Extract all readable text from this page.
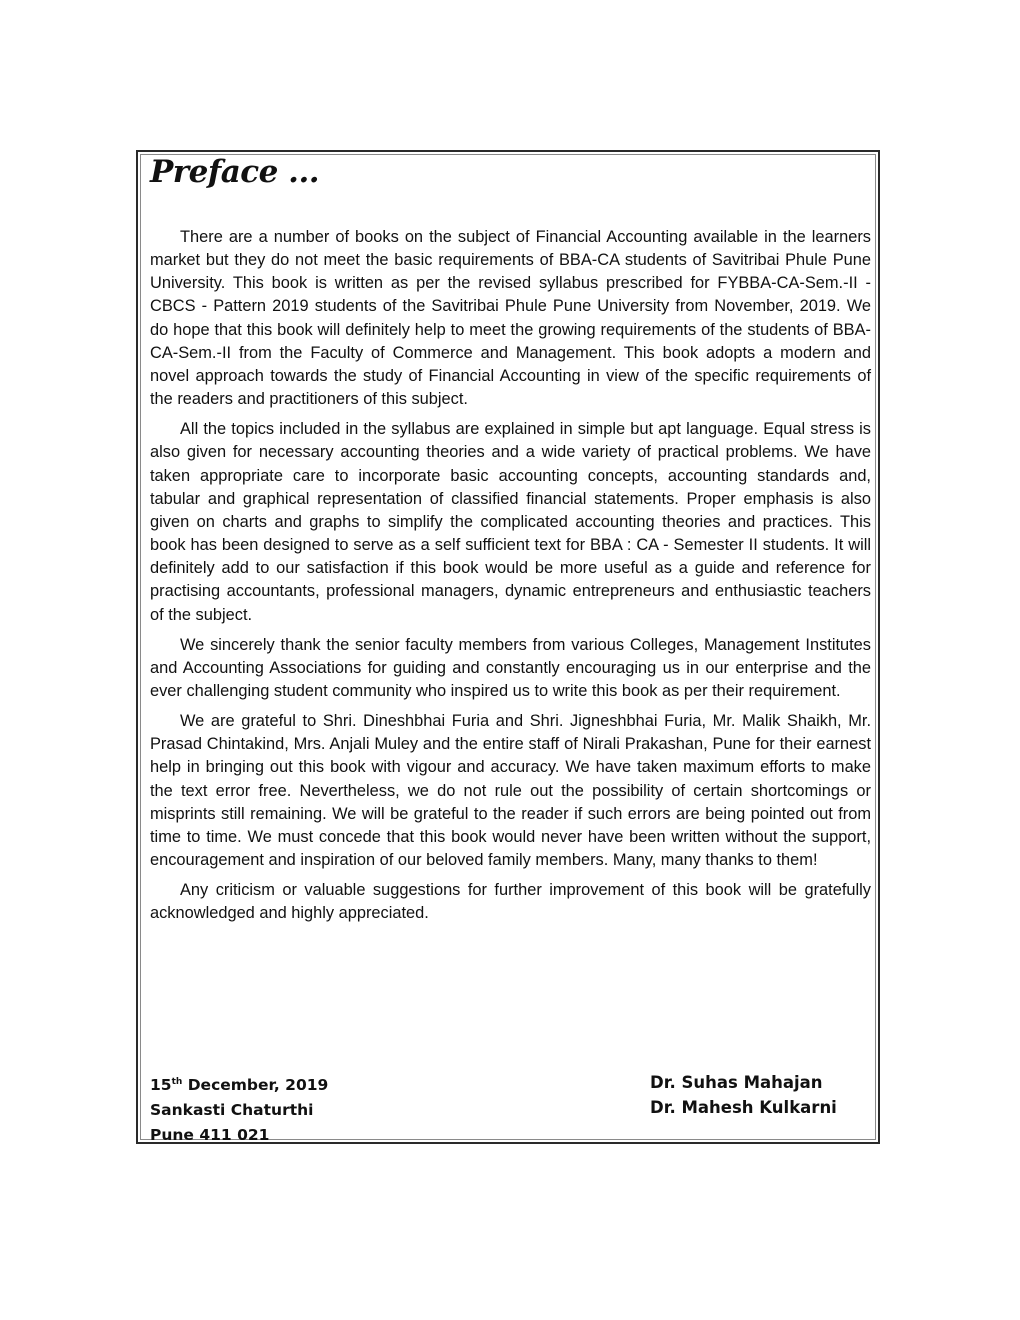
Preface ...

There are a number of books on the subject of Financial Accounting available in the learners market but they do not meet the basic requirements of BBA-CA students of Savitribai Phule Pune University. This book is written as per the revised syllabus prescribed for FYBBA-CA-Sem.-II - CBCS - Pattern 2019 students of the Savitribai Phule Pune University from November, 2019. We do hope that this book will definitely help to meet the growing requirements of the students of BBA-CA-Sem.-II from the Faculty of Commerce and Management. This book adopts a modern and novel approach towards the study of Financial Accounting in view of the specific requirements of the readers and practitioners of this subject.

All the topics included in the syllabus are explained in simple but apt language. Equal stress is also given for necessary accounting theories and a wide variety of practical problems. We have taken appropriate care to incorporate basic accounting concepts, accounting standards and, tabular and graphical representation of classified financial statements. Proper emphasis is also given on charts and graphs to simplify the complicated accounting theories and practices. This book has been designed to serve as a self sufficient text for BBA : CA - Semester II students. It will definitely add to our satisfaction if this book would be more useful as a guide and reference for practising accountants, professional managers, dynamic entrepreneurs and enthusiastic teachers of the subject.

We sincerely thank the senior faculty members from various Colleges, Management Institutes and Accounting Associations for guiding and constantly encouraging us in our enterprise and the ever challenging student community who inspired us to write this book as per their requirement.

We are grateful to Shri. Dineshbhai Furia and Shri. Jigneshbhai Furia, Mr. Malik Shaikh, Mr. Prasad Chintakind, Mrs. Anjali Muley and the entire staff of Nirali Prakashan, Pune for their earnest help in bringing out this book with vigour and accuracy. We have taken maximum efforts to make the text error free. Nevertheless, we do not rule out the possibility of certain shortcomings or misprints still remaining. We will be grateful to the reader if such errors are being pointed out from time to time. We must concede that this book would never have been written without the support, encouragement and inspiration of our beloved family members. Many, many thanks to them!

Any criticism or valuable suggestions for further improvement of this book will be gratefully acknowledged and highly appreciated.

15th December, 2019
Sankasti Chaturthi
Pune 411 021
Dr. Suhas Mahajan
Dr. Mahesh Kulkarni
